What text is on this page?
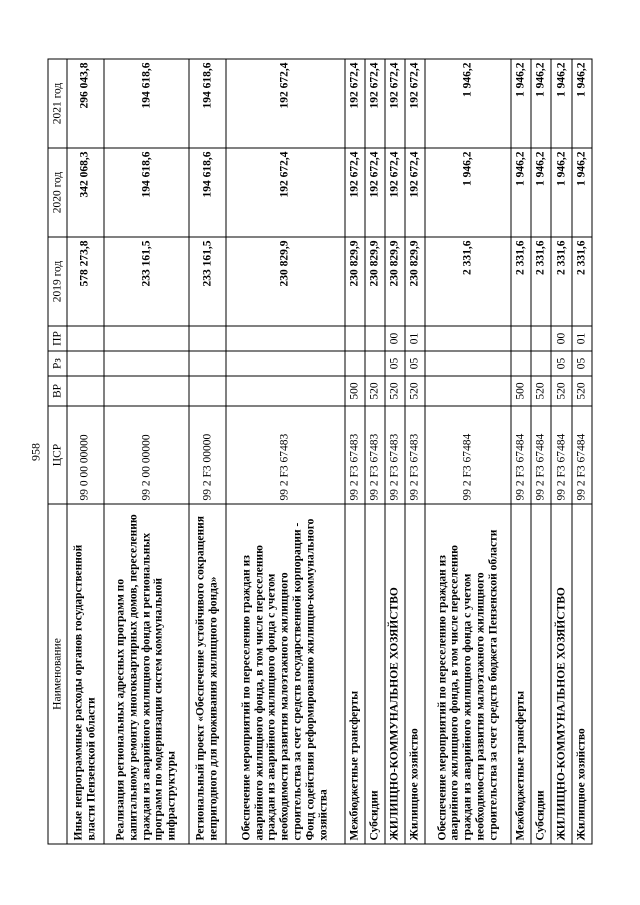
958
Наименование	ЦСР	ВР	Рз	ПР	2019 год	2020 год	2021 год
Иные непрограммные расходы органов государственной власти Пензенской области	99 0 00 00000				578 273,8	342 068,3	296 043,8
Реализация региональных адресных программ по капитальному ремонту многоквартирных домов, переселению граждан из аварийного жилищного фонда и региональных программ по модернизации систем коммунальной инфраструктуры	99 2 00 00000				233 161,5	194 618,6	194 618,6
Региональный проект «Обеспечение устойчивого сокращения непригодного для проживания жилищного фонда»	99 2 F3 00000				233 161,5	194 618,6	194 618,6
Обеспечение мероприятий по переселению граждан из аварийного жилищного фонда, в том числе переселению граждан из аварийного жилищного фонда с учетом необходимости развития малоэтажного жилищного строительства за счет средств государственной корпорации - Фонд содействия реформированию жилищно-коммунального хозяйства	99 2 F3 67483				230 829,9	192 672,4	192 672,4
Межбюджетные трансферты	99 2 F3 67483	500			230 829,9	192 672,4	192 672,4
Субсидии	99 2 F3 67483	520			230 829,9	192 672,4	192 672,4
ЖИЛИЩНО-КОММУНАЛЬНОЕ ХОЗЯЙСТВО	99 2 F3 67483	520	05	00	230 829,9	192 672,4	192 672,4
Жилищное хозяйство	99 2 F3 67483	520	05	01	230 829,9	192 672,4	192 672,4
Обеспечение мероприятий по переселению граждан из аварийного жилищного фонда, в том числе переселению граждан из аварийного жилищного фонда с учетом необходимости развития малоэтажного жилищного строительства за счет средств бюджета Пензенской области	99 2 F3 67484				2 331,6	1 946,2	1 946,2
Межбюджетные трансферты	99 2 F3 67484	500			2 331,6	1 946,2	1 946,2
Субсидии	99 2 F3 67484	520			2 331,6	1 946,2	1 946,2
ЖИЛИЩНО-КОММУНАЛЬНОЕ ХОЗЯЙСТВО	99 2 F3 67484	520	05	00	2 331,6	1 946,2	1 946,2
Жилищное хозяйство	99 2 F3 67484	520	05	01	2 331,6	1 946,2	1 946,2
